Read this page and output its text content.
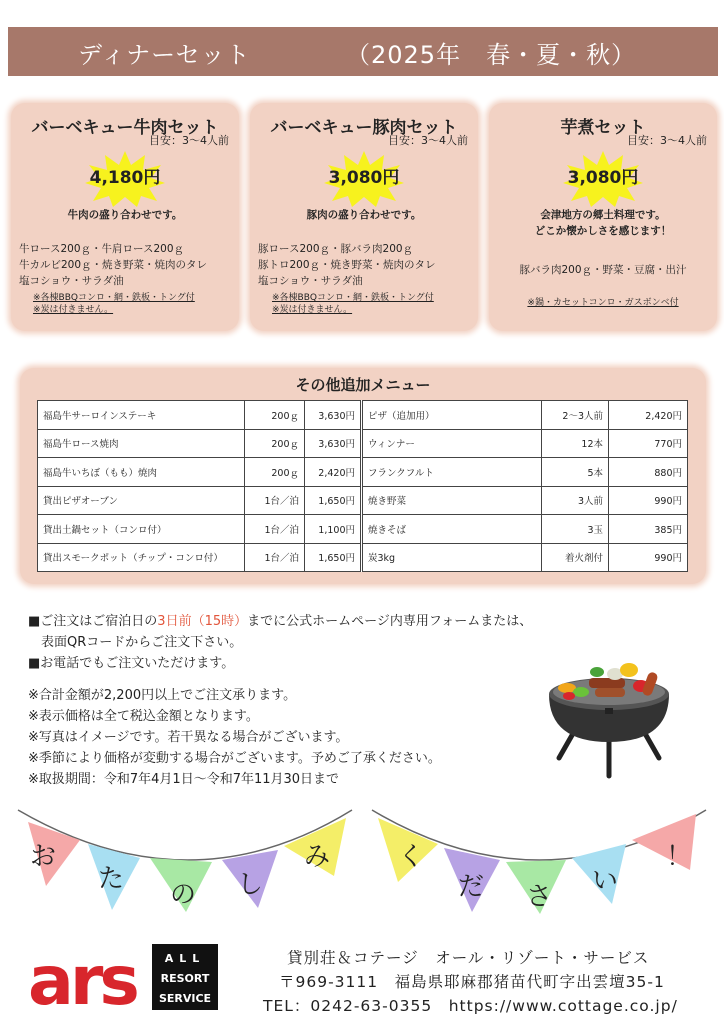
ディナーセット	（2025年　春・夏・秋）
バーベキュー牛肉セット
目安：3～4人前
4,180円
牛肉の盛り合わせです。
牛ロース200ｇ・牛肩ロース200ｇ
牛カルビ200ｇ・焼き野菜・焼肉のタレ
塩コショウ・サラダ油
※各棟BBQコンロ・網・鉄板・トング付
※炭は付きません。
バーベキュー豚肉セット
目安：3～4人前
3,080円
豚肉の盛り合わせです。
豚ロース200ｇ・豚バラ肉200ｇ
豚トロ200ｇ・焼き野菜・焼肉のタレ
塩コショウ・サラダ油
※各棟BBQコンロ・網・鉄板・トング付
※炭は付きません。
芋煮セット
目安：3～4人前
3,080円
会津地方の郷土料理です。
どこか懐かしさを感じます！
豚バラ肉200ｇ・野菜・豆腐・出汁
※鍋・カセットコンロ・ガスボンベ付
その他追加メニュー
福島牛サーロインステーキ	200ｇ	3,630円	ピザ（追加用）	2～3人前	2,420円
福島牛ロース焼肉	200ｇ	3,630円	ウィンナー	12本	770円
福島牛いちぼ（もも）焼肉	200ｇ	2,420円	フランクフルト	5本	880円
貸出ピザオーブン	1台／泊	1,650円	焼き野菜	3人前	990円
貸出土鍋セット（コンロ付）	1台／泊	1,100円	焼きそば	3玉	385円
貸出スモークポット（チップ・コンロ付）	1台／泊	1,650円	炭3kg	着火剤付	990円
■ご注文はご宿泊日の3日前（15時）までに公式ホームページ内専用フォームまたは、
　表面QRコードからご注文下さい。
■お電話でもご注文いただけます。
※合計金額が2,200円以上でご注文承ります。
※表示価格は全て税込金額となります。
※写真はイメージです。若干異なる場合がございます。
※季節により価格が変動する場合がございます。予めご了承ください。
※取扱期間：令和7年4月1日～令和7年11月30日まで
お
た
の し
み	く
だ さ
い
！
ars	ALL
RESORT
SERVICE
貸別荘＆コテージ　オール・リゾート・サービス
〒969-3111　福島県耶麻郡猪苗代町字出雲壇35-1
TEL：0242-63-0355　 https://www.cottage.co.jp/
